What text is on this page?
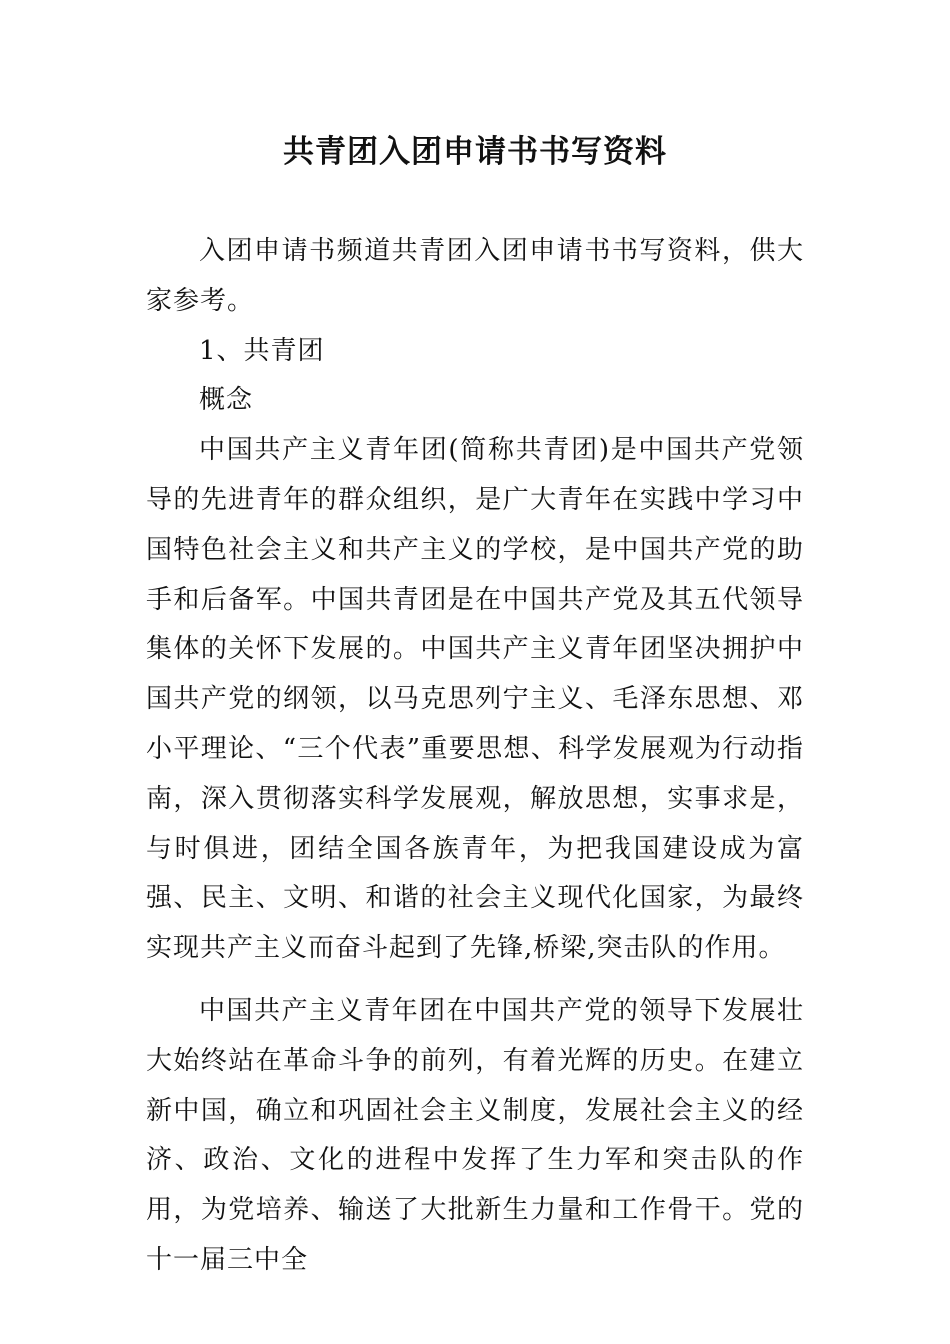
共青团入团申请书书写资料

入团申请书频道共青团入团申请书书写资料，供大家参考。

1、共青团

概念

中国共产主义青年团(简称共青团)是中国共产党领导的先进青年的群众组织，是广大青年在实践中学习中国特色社会主义和共产主义的学校，是中国共产党的助手和后备军。中国共青团是在中国共产党及其五代领导集体的关怀下发展的。中国共产主义青年团坚决拥护中国共产党的纲领，以马克思列宁主义、毛泽东思想、邓小平理论、“三个代表”重要思想、科学发展观为行动指南，深入贯彻落实科学发展观，解放思想，实事求是，与时俱进，团结全国各族青年，为把我国建设成为富强、民主、文明、和谐的社会主义现代化国家，为最终实现共产主义而奋斗起到了先锋,桥梁,突击队的作用。

中国共产主义青年团在中国共产党的领导下发展壮大始终站在革命斗争的前列，有着光辉的历史。在建立新中国，确立和巩固社会主义制度，发展社会主义的经济、政治、文化的进程中发挥了生力军和突击队的作用，为党培养、输送了大批新生力量和工作骨干。党的十一届三中全
